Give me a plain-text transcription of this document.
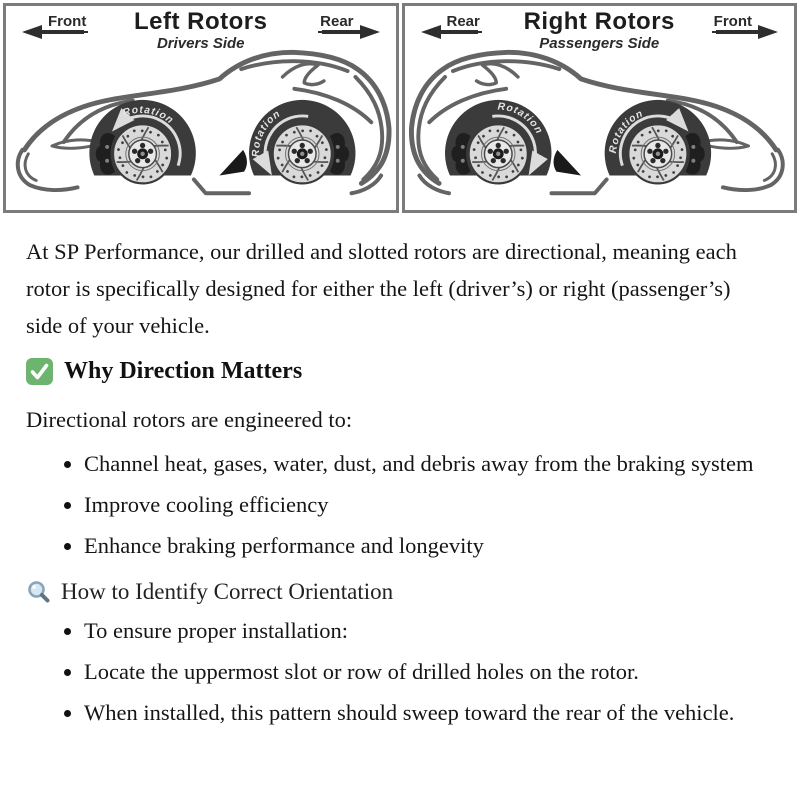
Rotation
Rotation
Left Rotors
Drivers Side
Front	Rear
Rotation
Rotation
Right Rotors
Passengers Side
Rear	Front

At SP Performance, our drilled and slotted rotors are directional, meaning each rotor is specifically designed for either the left (driver’s) or right (passenger’s) side of your vehicle.

Why Direction Matters

Directional rotors are engineered to:

• Channel heat, gases, water, dust, and debris away from the braking system
• Improve cooling efficiency
• Enhance braking performance and longevity
How to Identify Correct Orientation
• To ensure proper installation:
• Locate the uppermost slot or row of drilled holes on the rotor.
• When installed, this pattern should sweep toward the rear of the vehicle.
